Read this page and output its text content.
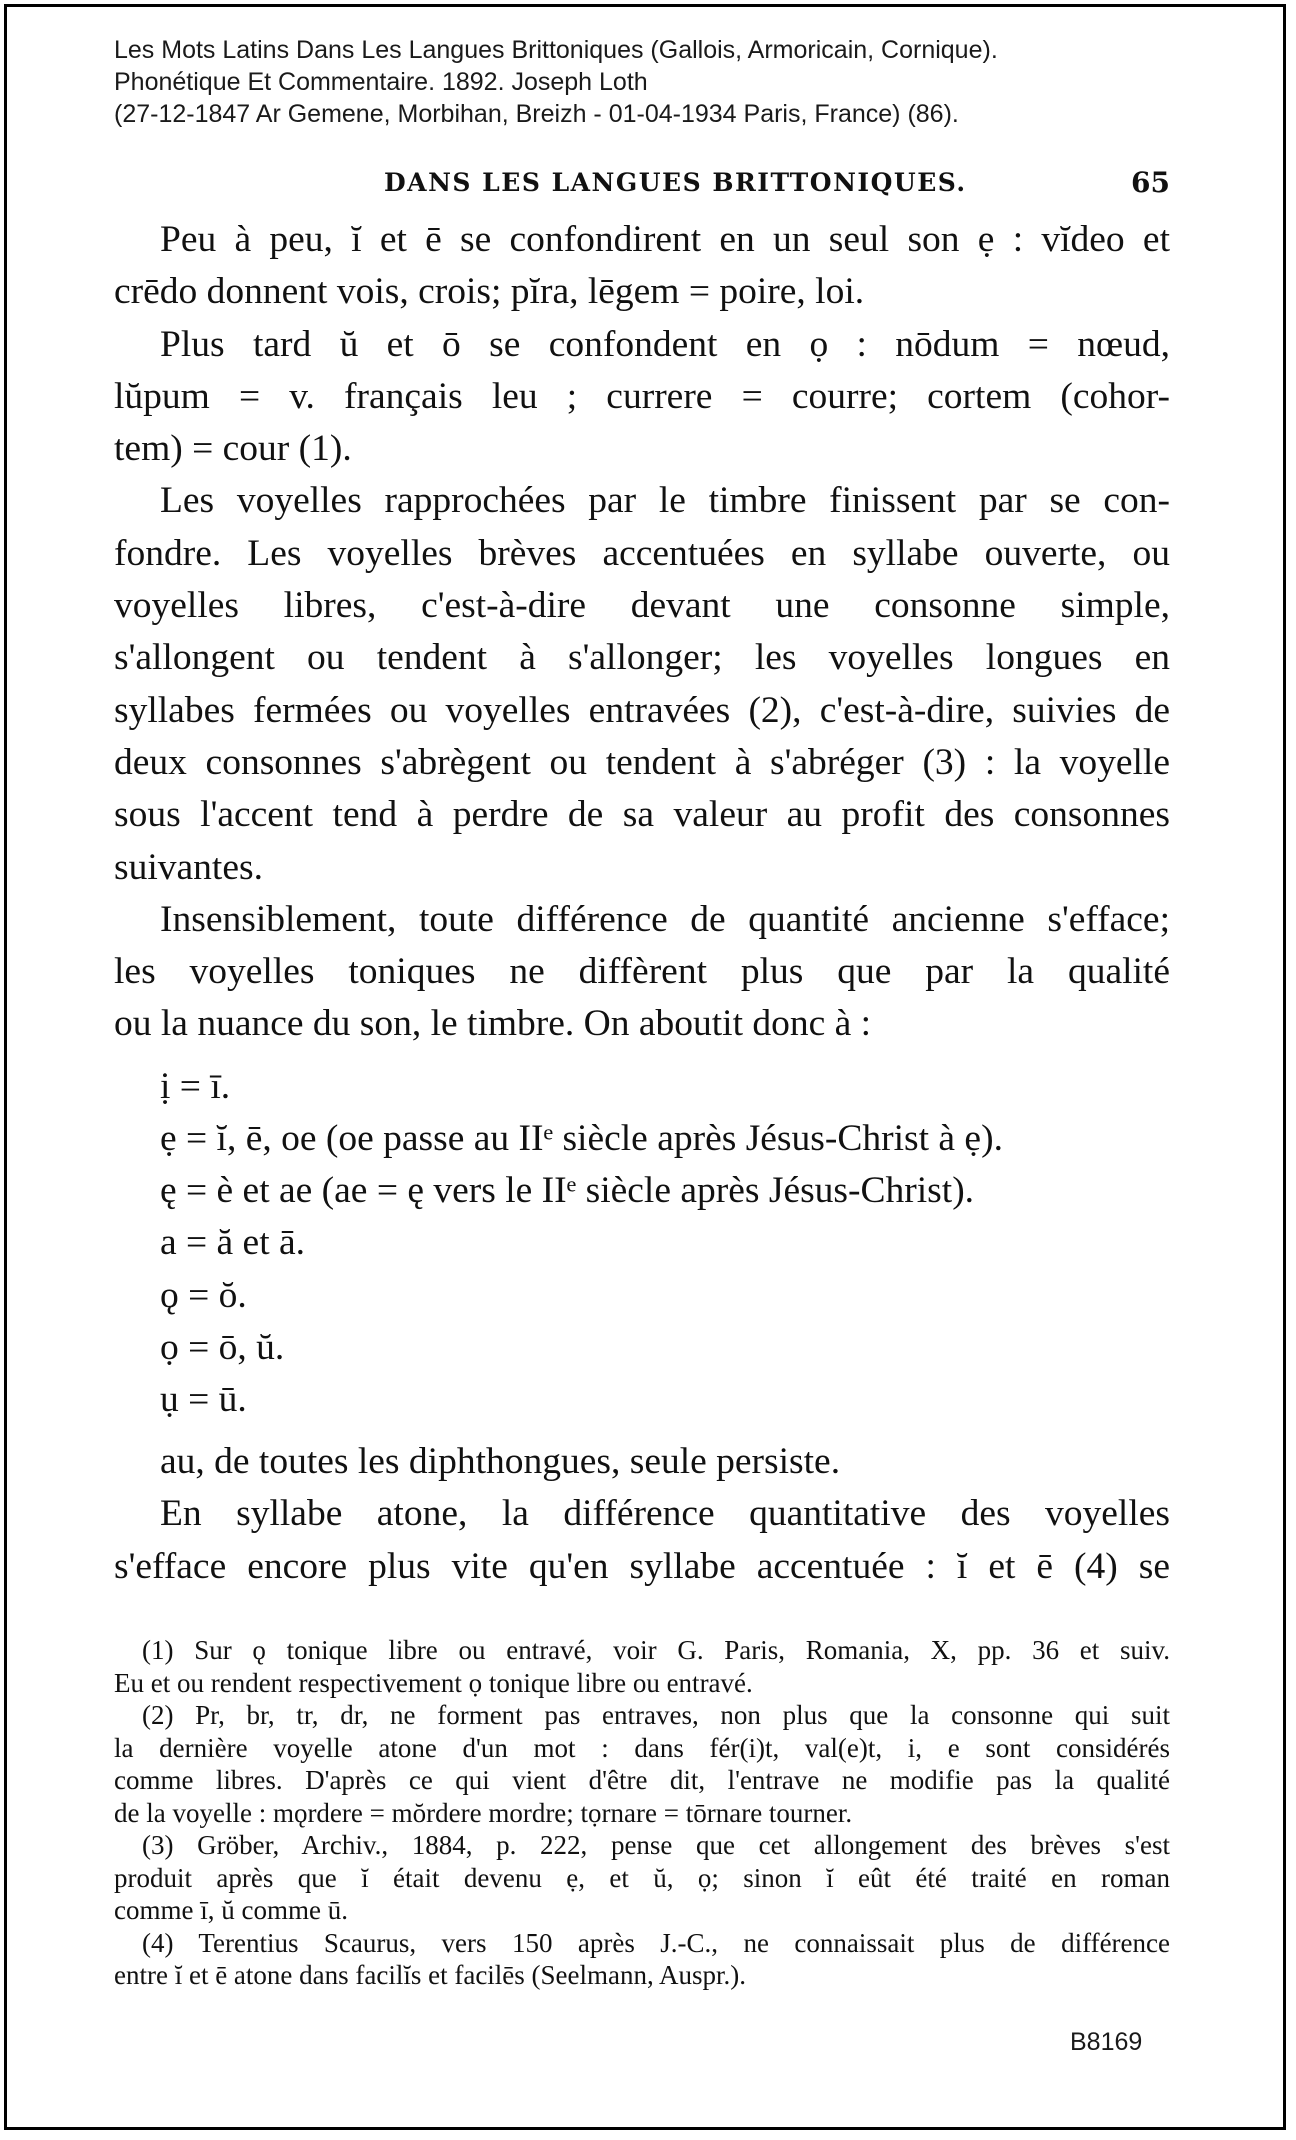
Les Mots Latins Dans Les Langues Brittoniques (Gallois, Armoricain, Cornique).
Phonétique Et Commentaire. 1892. Joseph Loth
(27-12-1847 Ar Gemene, Morbihan, Breizh - 01-04-1934 Paris, France) (86).
DANS LES LANGUES BRITTONIQUES.	65
Peu à peu, ĭ et ē se confondirent en un seul son ẹ : vĭdeo et
crēdo donnent vois, crois; pĭra, lēgem = poire, loi.
Plus tard ŭ et ō se confondent en ọ : nōdum = nœud,
lŭpum = v. français leu ; currere = courre; cortem (cohor-
tem) = cour (1).
Les voyelles rapprochées par le timbre finissent par se con-
fondre. Les voyelles brèves accentuées en syllabe ouverte, ou
voyelles libres, c'est-à-dire devant une consonne simple,
s'allongent ou tendent à s'allonger; les voyelles longues en
syllabes fermées ou voyelles entravées (2), c'est-à-dire, suivies de
deux consonnes s'abrègent ou tendent à s'abréger (3) : la voyelle
sous l'accent tend à perdre de sa valeur au profit des consonnes
suivantes.
Insensiblement, toute différence de quantité ancienne s'efface;
les voyelles toniques ne diffèrent plus que par la qualité
ou la nuance du son, le timbre. On aboutit donc à :
ị = ī.
ẹ = ĭ, ē, oe (oe passe au IIᵉ siècle après Jésus-Christ à ẹ).
ę = è et ae (ae = ę vers le IIᵉ siècle après Jésus-Christ).
a = ă et ā.
ǫ = ŏ.
ọ = ō, ŭ.
ụ = ū.
au, de toutes les diphthongues, seule persiste.
En syllabe atone, la différence quantitative des voyelles
s'efface encore plus vite qu'en syllabe accentuée : ĭ et ē (4) se
(1) Sur ǫ tonique libre ou entravé, voir G. Paris, Romania, X, pp. 36 et suiv.
Eu et ou rendent respectivement ọ tonique libre ou entravé.
(2) Pr, br, tr, dr, ne forment pas entraves, non plus que la consonne qui suit
la dernière voyelle atone d'un mot : dans fér(i)t, val(e)t, i, e sont considérés
comme libres. D'après ce qui vient d'être dit, l'entrave ne modifie pas la qualité
de la voyelle : mǫrdere = mŏrdere mordre; tọrnare = tōrnare tourner.
(3) Gröber, Archiv., 1884, p. 222, pense que cet allongement des brèves s'est
produit après que ĭ était devenu ẹ, et ŭ, ọ; sinon ĭ eût été traité en roman
comme ī, ŭ comme ū.
(4) Terentius Scaurus, vers 150 après J.-C., ne connaissait plus de différence
entre ĭ et ē atone dans facilĭs et facilēs (Seelmann, Auspr.).
B8169
